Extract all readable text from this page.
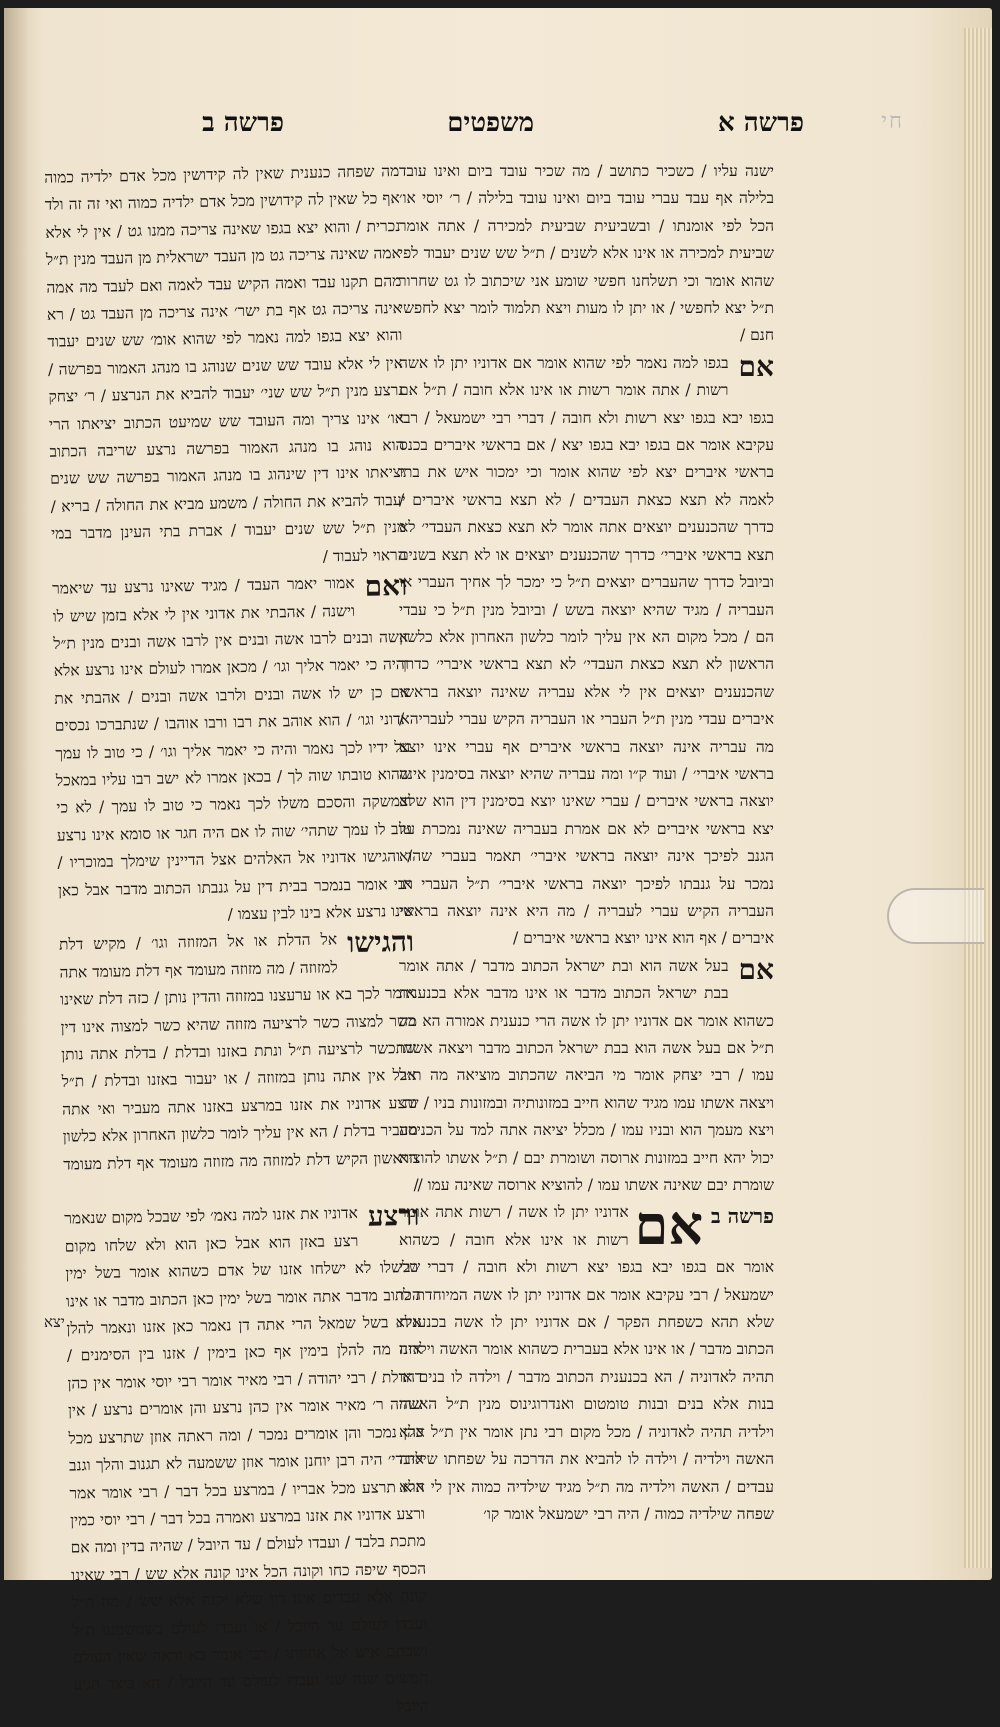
חי
פרשה א
משפטים
פרשה ב

ישנה עליו / כשכיר כתושב / מה שכיר עובד ביום ואינו עובד בלילה אף עבד עברי עובד ביום ואינו עובד בלילה / ר׳ יוסי או׳ הכל לפי אומנתו / ובשביעית שביעית למכירה / אתה אומר שביעית למכירה או אינו אלא לשנים / ת״ל שש שנים יעבוד לפי שהוא אומר וכי תשלחנו חפשי שומע אני שיכתוב לו גט שחרור ת״ל יצא לחפשי / או יתן לו מעות ויצא תלמוד לומר יצא לחפשי חנם /

אם
בגפו למה נאמר לפי שהוא אומר אם אדוניו יתן לו אשה רשות / אתה אומר רשות או אינו אלא חובה / ת״ל אם בגפו יבא בגפו יצא רשות ולא חובה / דברי רבי ישמעאל / רבי עקיבא אומר אם בגפו יבא בגפו יצא / אם בראשי איברים בכנס בראשי איברים יצא לפי שהוא אומר וכי ימכור איש את בתו לאמה לא תצא כצאת העבדים / לא תצא בראשי איברים / כדרך שהכנענים יוצאים אתה אומר לא תצא כצאת העבדי׳ לא תצא בראשי איברי׳ כדרך שהכנענים יוצאים או לא תצא בשנים וביובל כדרך שהעברים יוצאים ת״ל כי ימכר לך אחיך העברי או העבריה / מגיד שהיא יוצאה בשש / וביובל מנין ת״ל כי עבדי הם / מכל מקום הא אין עליך לומר כלשון האחרון אלא כלשון הראשון לא תצא כצאת העבדי׳ לא תצא בראשי איברי׳ כדרך שהכנענים יוצאים אין לי אלא עבריה שאינה יוצאה בראשי איברים עבדי מנין ת״ל העברי או העבריה הקיש עברי לעבריה / מה עבריה אינה יוצאה בראשי איברים אף עברי אינו יוצא בראשי איברי׳ / ועוד ק״ו ומה עבריה שהיא יוצאה בסימנין אינה יוצאה בראשי איברים / עברי שאינו יוצא בסימנין דין הוא שלא יצא בראשי איברים לא אם אמרת בעבריה שאינה נמכרת על הגנב לפיכך אינה יוצאה בראשי איברי׳ תאמר בעברי שהוא נמכר על גנבתו לפיכך יוצאה בראשי איברי׳ ת״ל העברי או העבריה הקיש עברי לעבריה / מה היא אינה יוצאה בראשי איברים / אף הוא אינו יוצא בראשי איברים /

אם
בעל אשה הוא ובת ישראל הכתוב מדבר / אתה אומר בבת ישראל הכתוב מדבר או אינו מדבר אלא בכנענית כשהוא אומר אם אדוניו יתן לו אשה הרי כנענית אמורה הא מה ת״ל אם בעל אשה הוא בבת ישראל הכתוב מדבר ויצאה אשתו עמו / רבי יצחק אומר מי הביאה שהכתוב מוציאה מה ת״ל ויצאה אשתו עמו מגיד שהוא חייב במזונותיה ובמזונות בניו / שנ׳ ויצא מעמך הוא ובניו עמו / מכלל יציאה אתה למד על הכניסה יכול יהא חייב במזונות ארוסה ושומרת יבם / ת״ל אשתו להוציא שומרת יבם שאינה אשתו עמו / להוציא ארוסה שאינה עמו /

פרשה ב
אם
אדוניו יתן לו אשה / רשות אתה אומר רשות או אינו אלא חובה / כשהוא אומר אם בגפו יבא בגפו יצא רשות ולא חובה / דברי רבי ישמעאל / רבי עקיבא אומר אם אדוניו יתן לו אשה המיוחדת לו שלא תהא כשפחת הפקר / אם אדוניו יתן לו אשה בכנענית הכתוב מדבר / או אינו אלא בעברית כשהוא אומר האשה וילדיה תהיה לאדוניה / הא בכנענית הכתוב מדבר / וילדה לו בנים או בנות אלא בנים ובנות טומטום ואנדרוגינוס מנין ת״ל האשה וילדיה תהיה לאדוניה / מכל מקום רבי נתן אומר אין ת״ל אלא האשה וילדיה / וילדה לו להביא את הדרכה על שפחתו שילדה עבדים / האשה וילדיה מה ת״ל מגיד שילדיה כמוה אין לי אלא שפחה שילדיה כמוה / היה רבי ישמעאל אומר קו׳

מה שפחה כנענית שאין לה קידושין מכל אדם ילדיה כמוה אף כל שאין לה קידושין מכל אדם ילדיה כמוה ואי זה זה ולד נכרית / והוא יצא בגפו שאינה צריכה ממנו גט / אין לי אלא אמה שאינה צריכה גט מן העבד ישראלית מן העבד מנין ת״ל מהם תקנו עבד ואמה הקיש עבד לאמה ואם לעבד מה אמה אינה צריכה גט אף בת ישר׳ אינה צריכה מן העבד גט / רא והוא יצא בגפו למה נאמר לפי שהוא אומ׳ שש שנים יעבוד אין לי אלא עובד שש שנים שנוהג בו מנהג האמור בפרשה / נרצע מנין ת״ל שש שני׳ יעבוד להביא את הנרצע / ר׳ יצחק או׳ אינו צריך ומה העובד שש שמיעט הכתוב יציאתו הרי הוא נוהג בו מנהג האמור בפרשה נרצע שריבה הכתוב יציאתו אינו דין שינהוג בו מנהג האמור בפרשה שש שנים יעבוד להביא את החולה / משמע מביא את החולה / בריא / מנין ת״ל שש שנים יעבוד / אברת בתי העינן מדבר במי הראוי לעבוד /

ואם
אמור יאמר העבד / מגיד שאינו נרצע עד שיאמר וישנה / אהבתי את אדוני אין לי אלא בזמן שיש לו אשה ובנים לרבו אשה ובנים אין לרבו אשה ובנים מנין ת״ל והיה כי יאמר אליך וגו׳ / מכאן אמרו לעולם אינו נרצע אלא אם כן יש לו אשה ובנים ולרבו אשה ובנים / אהבתי את אדוני וגו׳ / הוא אוהב את רבו ורבו אוהבו / שנתברכו נכסים על ידיו לכך נאמר והיה כי יאמר אליך וגו׳ / כי טוב לו עמך שהוא טובתו שוה לך / בכאן אמרו לא ישב רבו עליו במאכל ובמשקה והסכם משלו לכך נאמר כי טוב לו עמך / לא כי טוב לו עמך שתהי׳ שוה לו אם היה חגר או סומא אינו נרצע / והגישו אדוניו אל האלהים אצל הדיינין שימלך במוכריו / רבי אומר בנמכר בבית דין על גנבתו הכתוב מדבר אבל כאן אינו נרצע אלא בינו לבין עצמו /

והגישו
אל הדלת או אל המזוזה וגו׳ / מקיש דלת למזוזה / מה מזוזה מעומד אף דלת מעומד אתה אומר לכך בא או ערעצנו במזוזה והדין נותן / כזה דלת שאינו כשר למצוה כשר לרציעה מזוזה שהיא כשר למצוה אינו דין שתכשר לרציעה ת״ל ונתת באזנו ובדלת / בדלת אתה נותן אבל אין אתה נותן במזוזה / או יעבור באזנו ובדלת / ת״ל ורצע אדוניו את אזנו במרצע באזנו אתה מעביר ואי אתה מעביר בדלת / הא אין עליך לומר כלשון האחרון אלא כלשון הראשון הקיש דלת למזוזה מה מזוזה מעומד אף דלת מעומד /

ורצע
אדוניו את אזנו למה נאמ׳ לפי שבכל מקום שנאמר רצע באזן הוא אבל כאן הוא ולא שלחו מקום שלשלו לא ישלחו אזנו של אדם כשהוא אומר בשל ימין הכתוב מדבר אתה אומר בשל ימין כאן הכתוב מדבר או אינו אלא בשל שמאל הרי אתה דן נאמר כאן אזנו ונאמר להלן אזנו מה להלן בימין אף כאן בימין / אזנו בין הסימנים / דהדלת / רבי יהודה / רבי מאיר אומר רבי יוסי אומר אין כהן שהיה ר׳ מאיר אומר אין כהן נרצע והן אומרים נרצע / אין כהן נמכר והן אומרים נמכר / ומה ראתה אוזן שתרצע מכל איברי׳ היה רבן יוחנן אומר אוזן ששמעה לא תגנוב והלך וגנב הוא תרצע מכל אבריו / במרצע בכל דבר / רבי אומר אמר ורצע אדוניו את אזנו במרצע ואמרה בכל דבר / רבי יוסי כמין מתכת בלבד / ועבדו לעולם / עד היובל / שהיה בדין ומה אם הכסף שיפה כחו וקונה הכל אינו קונה אלא שש / רבי שאינו קונה אלא עבדים אינו דין שלא יקנה אלא שש / מה ת״ל ועבדו לעולם עד היובל / או ועבדו לעולם כשמשמעו ת״ל ושבתם איש אל אחוזתו / רבי אומר בא וראה שאין העולם חמשים שנה שנ׳ ועבדו לעולם עד היובל / הא כיצד הגיע היובל

יצא
